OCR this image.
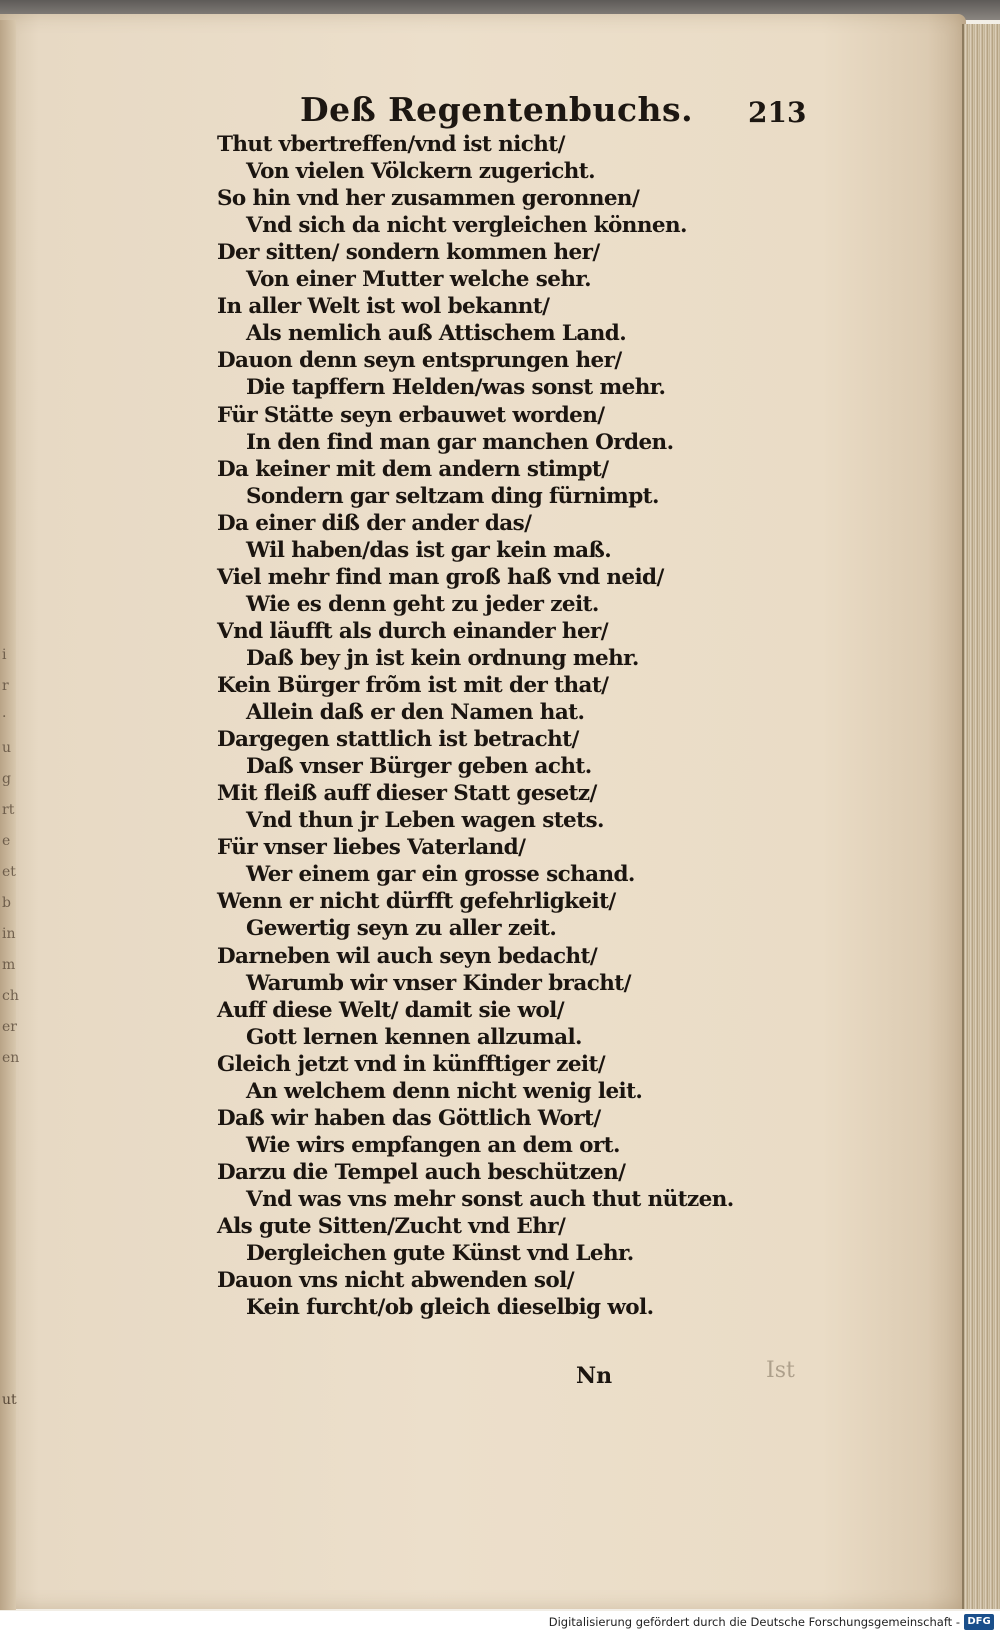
i
r
·
u
g
rt
e
et
b
in
m
ch
er
en
ut
Deß Regentenbuchs. 213
Thut vbertreffen/vnd ist nicht/
Von vielen Völckern zugericht.
So hin vnd her zusammen geronnen/
Vnd sich da nicht vergleichen können.
Der sitten/ sondern kommen her/
Von einer Mutter welche sehr.
In aller Welt ist wol bekannt/
Als nemlich auß Attischem Land.
Dauon denn seyn entsprungen her/
Die tapffern Helden/was sonst mehr.
Für Stätte seyn erbauwet worden/
In den find man gar manchen Orden.
Da keiner mit dem andern stimpt/
Sondern gar seltzam ding fürnimpt.
Da einer diß der ander das/
Wil haben/das ist gar kein maß.
Viel mehr find man groß haß vnd neid/
Wie es denn geht zu jeder zeit.
Vnd läufft als durch einander her/
Daß bey jn ist kein ordnung mehr.
Kein Bürger frõm ist mit der that/
Allein daß er den Namen hat.
Dargegen stattlich ist betracht/
Daß vnser Bürger geben acht.
Mit fleiß auff dieser Statt gesetz/
Vnd thun jr Leben wagen stets.
Für vnser liebes Vaterland/
Wer einem gar ein grosse schand.
Wenn er nicht dürfft gefehrligkeit/
Gewertig seyn zu aller zeit.
Darneben wil auch seyn bedacht/
Warumb wir vnser Kinder bracht/
Auff diese Welt/ damit sie wol/
Gott lernen kennen allzumal.
Gleich jetzt vnd in künfftiger zeit/
An welchem denn nicht wenig leit.
Daß wir haben das Göttlich Wort/
Wie wirs empfangen an dem ort.
Darzu die Tempel auch beschützen/
Vnd was vns mehr sonst auch thut nützen.
Als gute Sitten/Zucht vnd Ehr/
Dergleichen gute Künst vnd Lehr.
Dauon vns nicht abwenden sol/
Kein furcht/ob gleich dieselbig wol.
Nn	Ist
Digitalisierung gefördert durch die Deutsche Forschungsgemeinschaft - DFG
